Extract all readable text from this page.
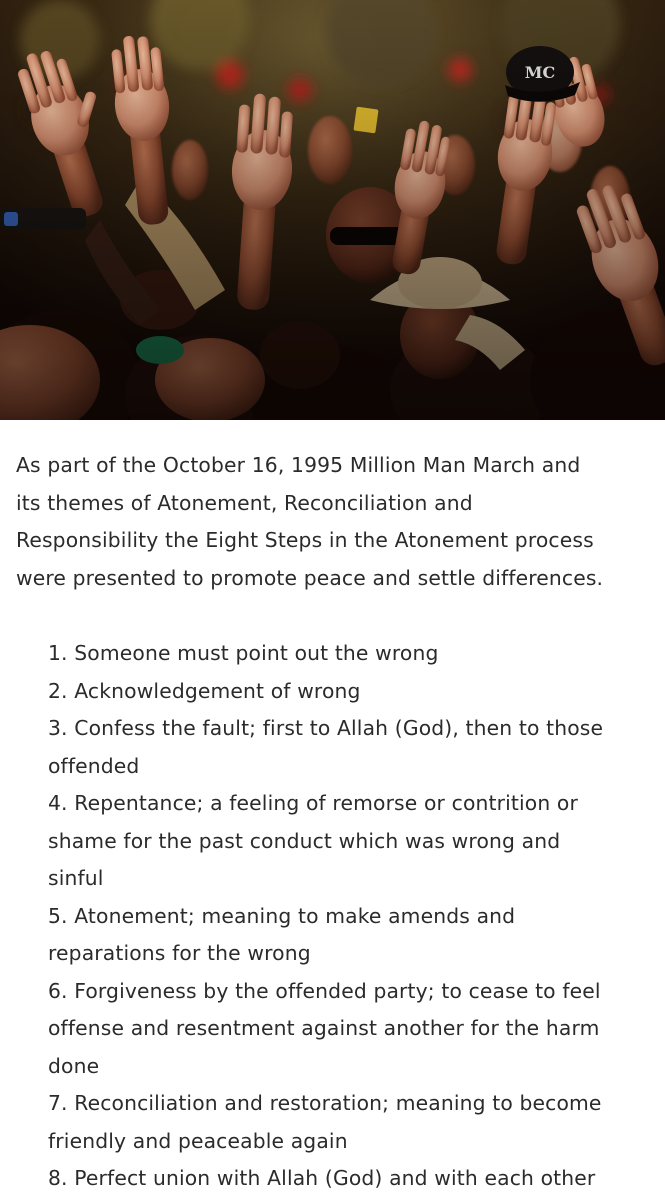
As part of the October 16, 1995 Million Man March and
its themes of Atonement, Reconciliation and
Responsibility the Eight Steps in the Atonement process
were presented to promote peace and settle differences.

1. Someone must point out the wrong
2. Acknowledgement of wrong
3. Confess the fault; first to Allah (God), then to those
offended
4. Repentance; a feeling of remorse or contrition or
shame for the past conduct which was wrong and
sinful
5. Atonement; meaning to make amends and
reparations for the wrong
6. Forgiveness by the offended party; to cease to feel
offense and resentment against another for the harm
done
7. Reconciliation and restoration; meaning to become
friendly and peaceable again
8. Perfect union with Allah (God) and with each other
